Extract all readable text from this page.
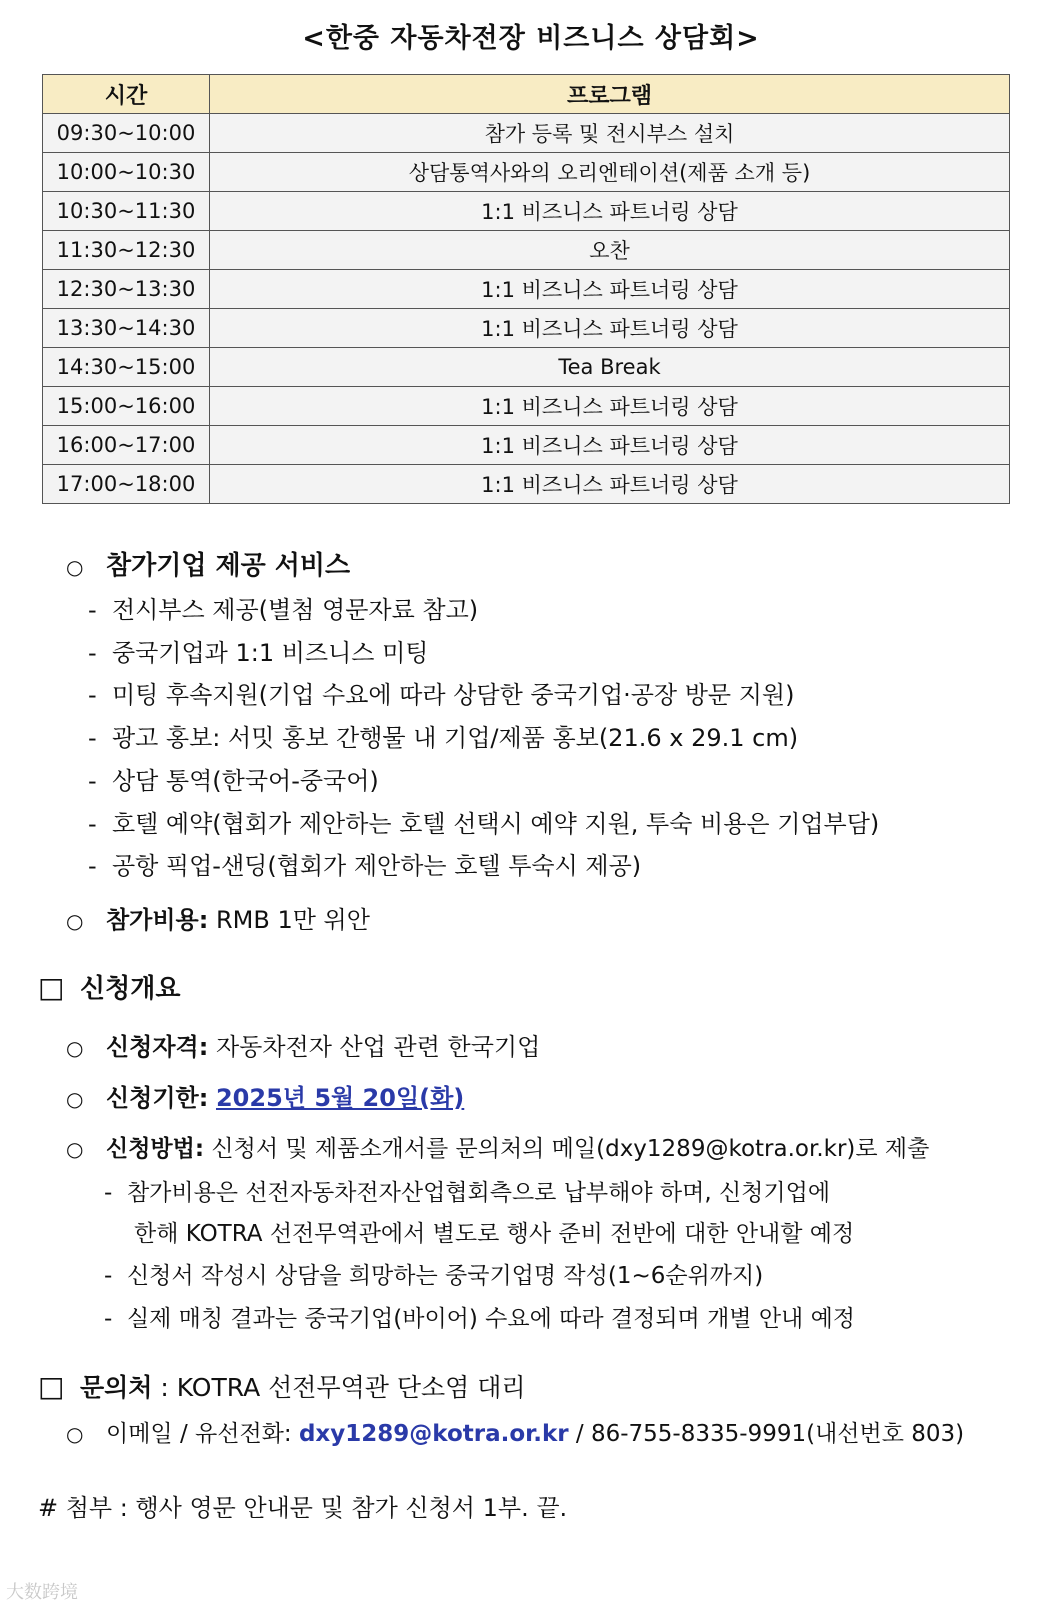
<한중 자동차전장 비즈니스 상담회>
시간	프로그램
09:30~10:00	참가 등록 및 전시부스 설치
10:00~10:30	상담통역사와의 오리엔테이션(제품 소개 등)
10:30~11:30	1:1 비즈니스 파트너링 상담
11:30~12:30	오찬
12:30~13:30	1:1 비즈니스 파트너링 상담
13:30~14:30	1:1 비즈니스 파트너링 상담
14:30~15:00	Tea Break
15:00~16:00	1:1 비즈니스 파트너링 상담
16:00~17:00	1:1 비즈니스 파트너링 상담
17:00~18:00	1:1 비즈니스 파트너링 상담
○ 참가기업 제공 서비스
- 전시부스 제공(별첨 영문자료 참고)
- 중국기업과 1:1 비즈니스 미팅
- 미팅 후속지원(기업 수요에 따라 상담한 중국기업·공장 방문 지원)
- 광고 홍보: 서밋 홍보 간행물 내 기업/제품 홍보(21.6 x 29.1 cm)
- 상담 통역(한국어-중국어)
- 호텔 예약(협회가 제안하는 호텔 선택시 예약 지원, 투숙 비용은 기업부담)
- 공항 픽업-샌딩(협회가 제안하는 호텔 투숙시 제공)
○ 참가비용: RMB 1만 위안
□ 신청개요
○ 신청자격: 자동차전자 산업 관련 한국기업
○ 신청기한: 2025년 5월 20일(화)
○ 신청방법: 신청서 및 제품소개서를 문의처의 메일(dxy1289@kotra.or.kr)로 제출
- 참가비용은 선전자동차전자산업협회측으로 납부해야 하며, 신청기업에
한해 KOTRA 선전무역관에서 별도로 행사 준비 전반에 대한 안내할 예정
- 신청서 작성시 상담을 희망하는 중국기업명 작성(1~6순위까지)
- 실제 매칭 결과는 중국기업(바이어) 수요에 따라 결정되며 개별 안내 예정
□ 문의처 : KOTRA 선전무역관 단소염 대리
○ 이메일 / 유선전화: dxy1289@kotra.or.kr / 86-755-8335-9991(내선번호 803)
# 첨부 : 행사 영문 안내문 및 참가 신청서 1부. 끝.
大数跨境
